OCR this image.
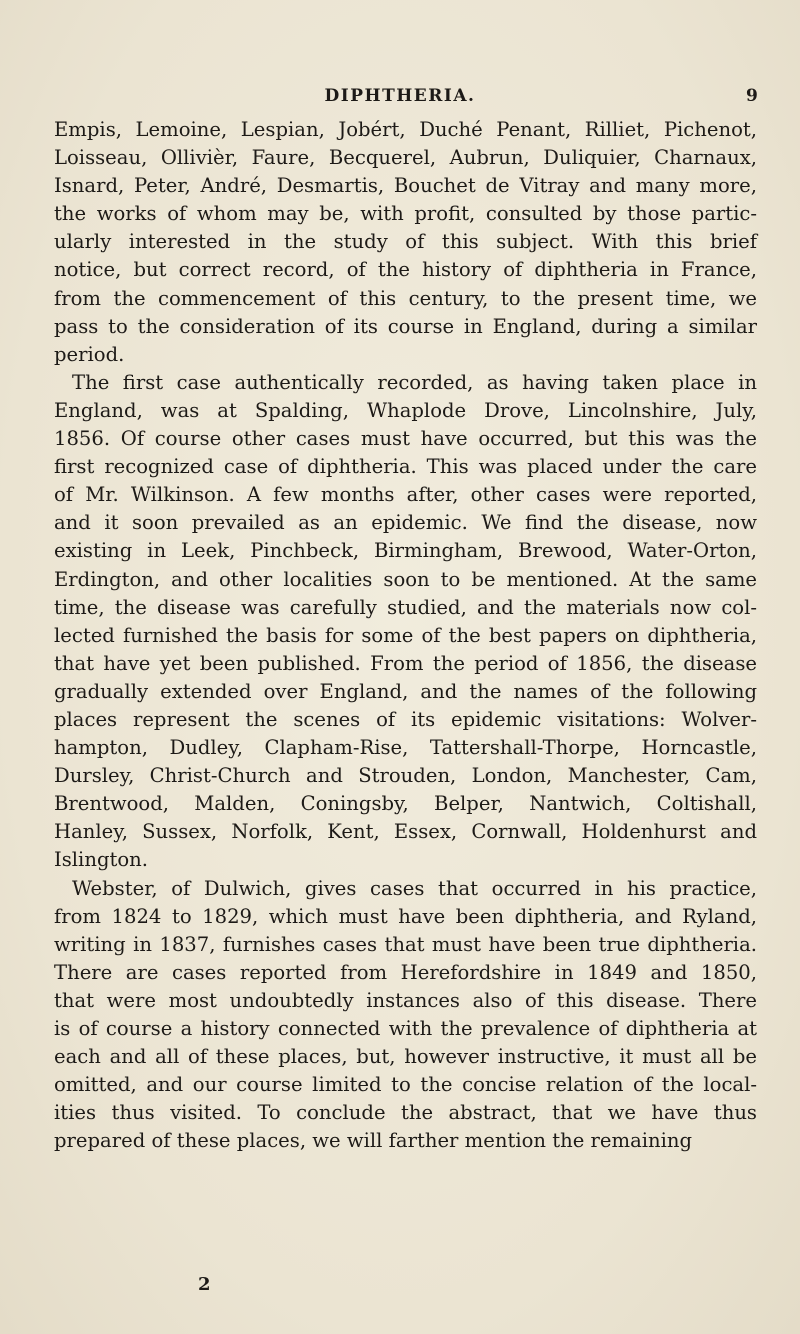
DIPHTHERIA.	9
Empis, Lemoine, Lespian, Jobért, Duché Penant, Rilliet, Pichenot,
Loisseau, Ollivièr, Faure, Becquerel, Aubrun, Duliquier, Charnaux,
Isnard, Peter, André, Desmartis, Bouchet de Vitray and many more,
the works of whom may be, with profit, consulted by those partic-
ularly interested in the study of this subject. With this brief
notice, but correct record, of the history of diphtheria in France,
from the commencement of this century, to the present time, we
pass to the consideration of its course in England, during a similar
period.
The first case authentically recorded, as having taken place in
England, was at Spalding, Whaplode Drove, Lincolnshire, July,
1856. Of course other cases must have occurred, but this was the
first recognized case of diphtheria. This was placed under the care
of Mr. Wilkinson. A few months after, other cases were reported,
and it soon prevailed as an epidemic. We find the disease, now
existing in Leek, Pinchbeck, Birmingham, Brewood, Water-Orton,
Erdington, and other localities soon to be mentioned. At the same
time, the disease was carefully studied, and the materials now col-
lected furnished the basis for some of the best papers on diphtheria,
that have yet been published. From the period of 1856, the disease
gradually extended over England, and the names of the following
places represent the scenes of its epidemic visitations: Wolver-
hampton, Dudley, Clapham-Rise, Tattershall-Thorpe, Horncastle,
Dursley, Christ-Church and Strouden, London, Manchester, Cam,
Brentwood, Malden, Coningsby, Belper, Nantwich, Coltishall,
Hanley, Sussex, Norfolk, Kent, Essex, Cornwall, Holdenhurst and
Islington.
Webster, of Dulwich, gives cases that occurred in his practice,
from 1824 to 1829, which must have been diphtheria, and Ryland,
writing in 1837, furnishes cases that must have been true diphtheria.
There are cases reported from Herefordshire in 1849 and 1850,
that were most undoubtedly instances also of this disease. There
is of course a history connected with the prevalence of diphtheria at
each and all of these places, but, however instructive, it must all be
omitted, and our course limited to the concise relation of the local-
ities thus visited. To conclude the abstract, that we have thus
prepared of these places, we will farther mention the remaining
2
